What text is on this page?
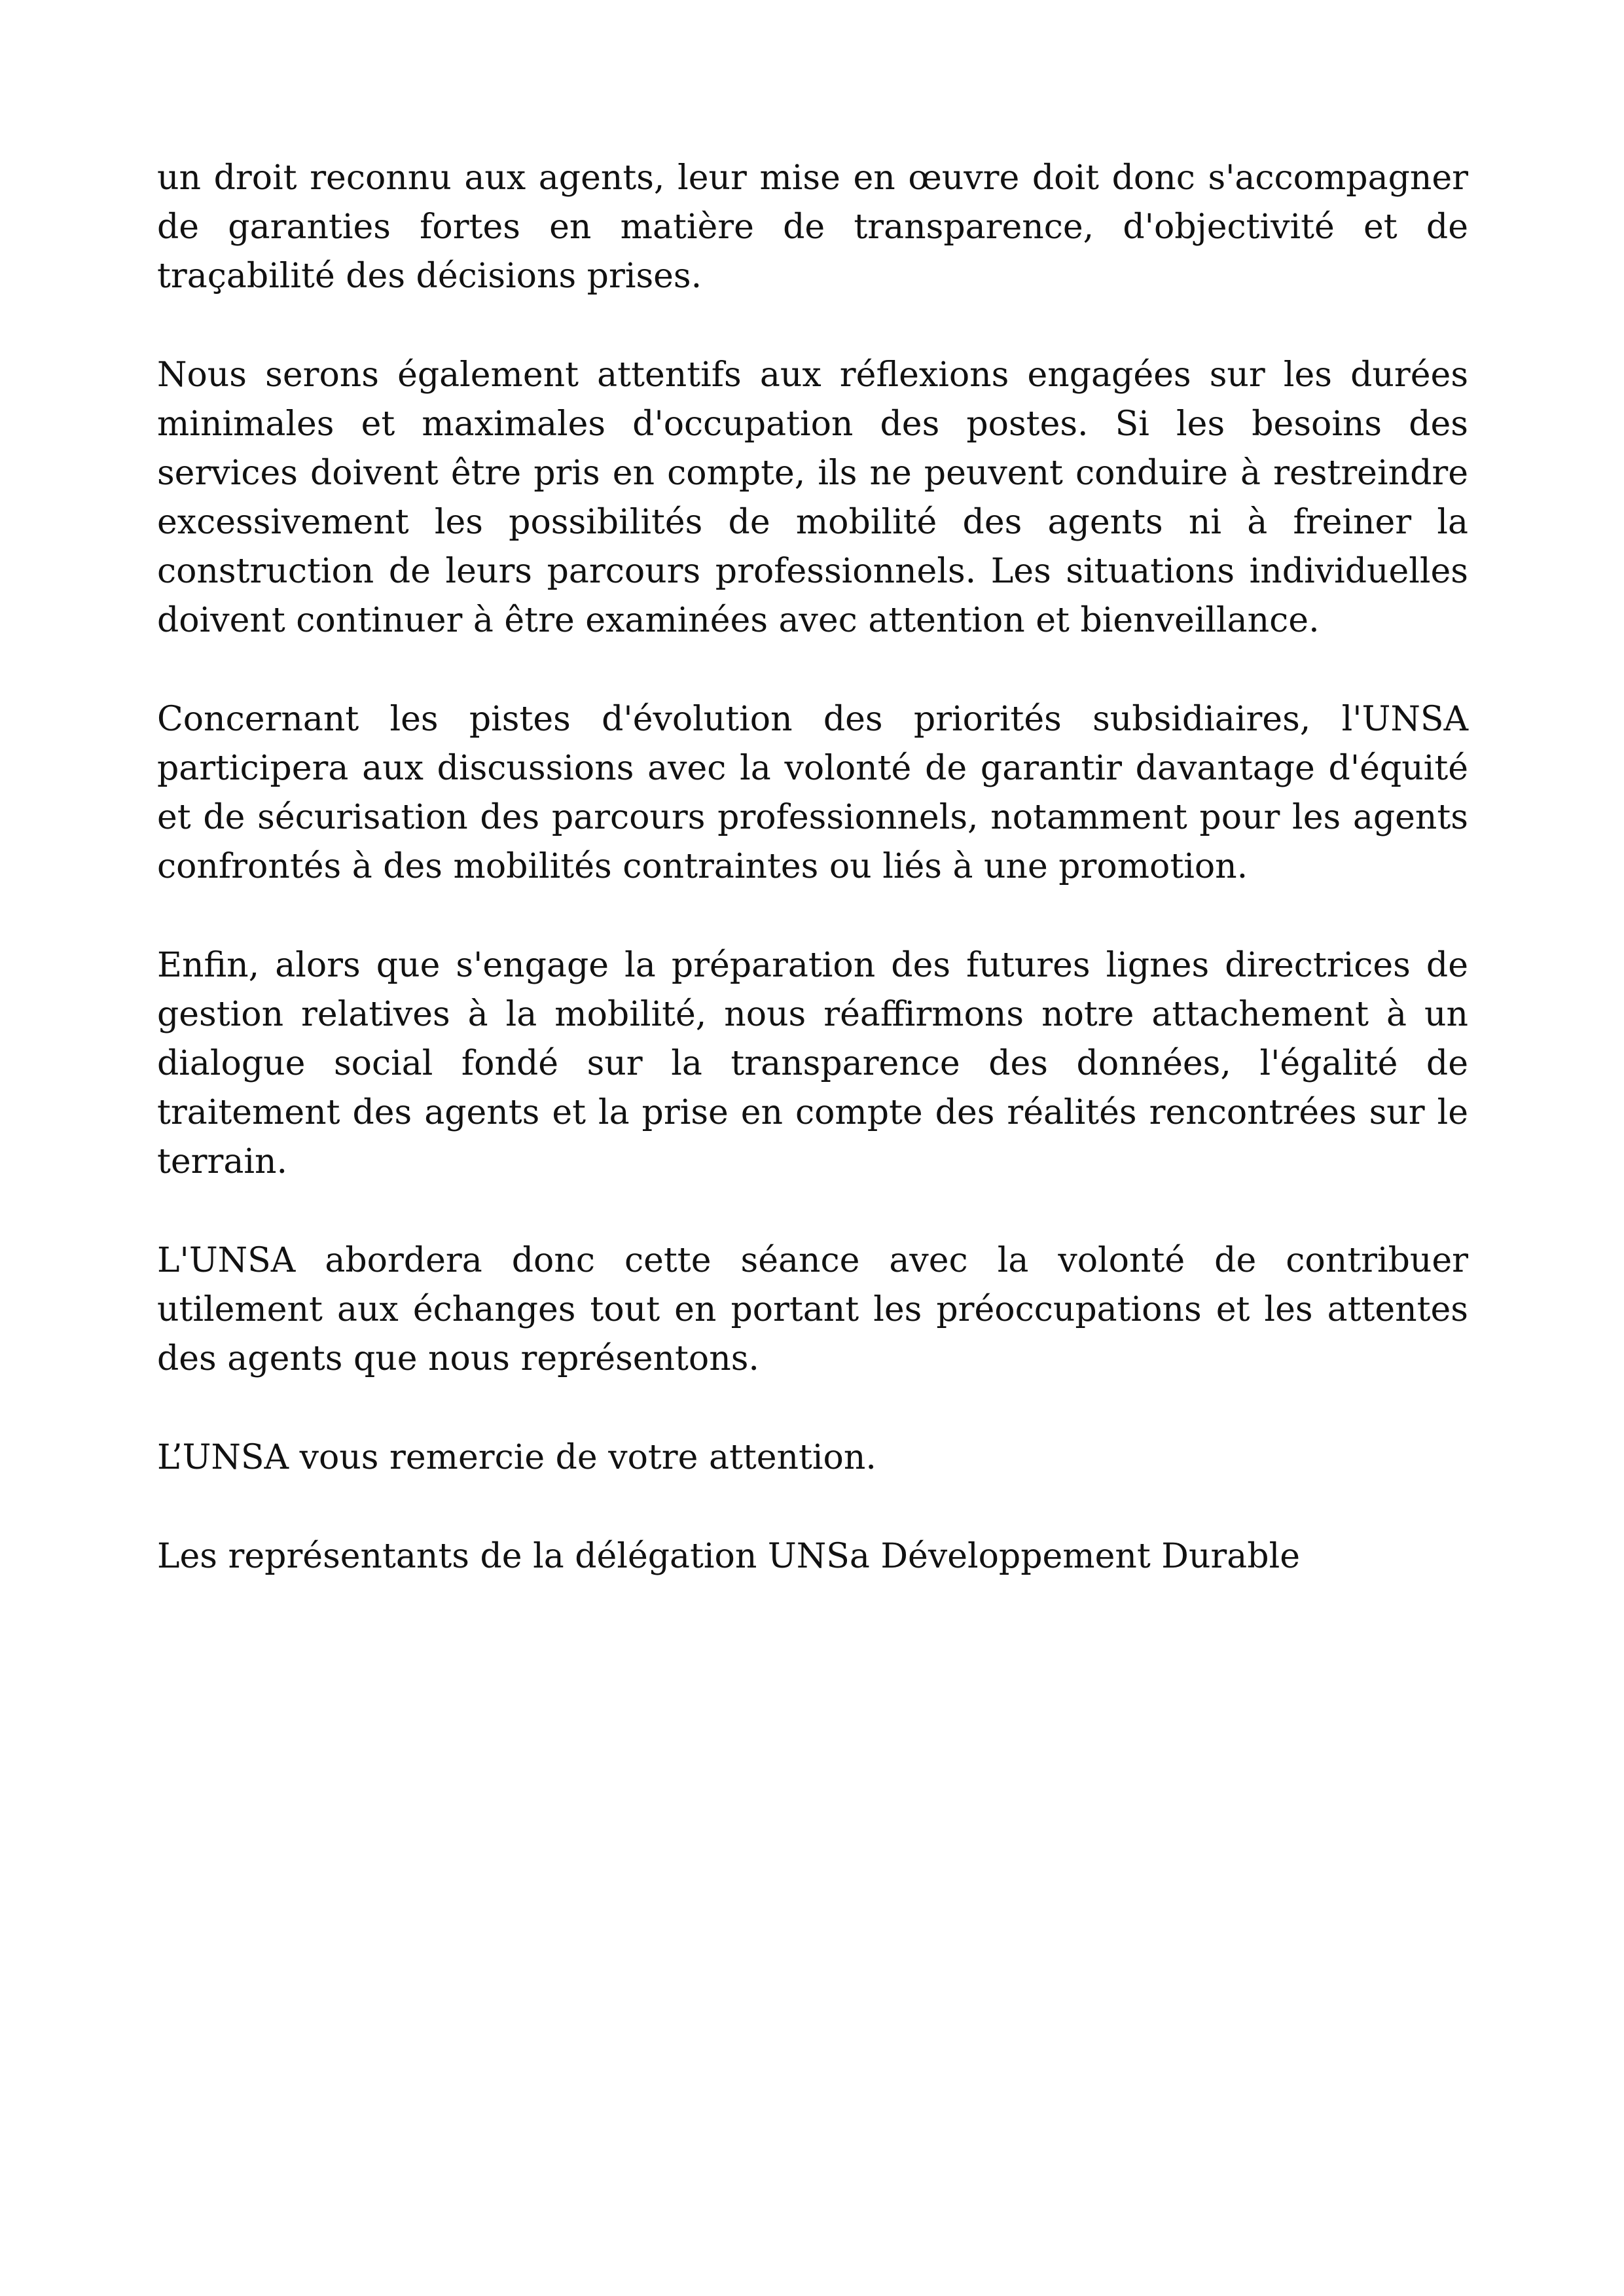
un droit reconnu aux agents, leur mise en œuvre doit donc s'accompagner de garanties fortes en matière de transparence, d'objectivité et de traçabilité des décisions prises.

Nous serons également attentifs aux réflexions engagées sur les durées minimales et maximales d'occupation des postes. Si les besoins des services doivent être pris en compte, ils ne peuvent conduire à restreindre excessivement les possibilités de mobilité des agents ni à freiner la construction de leurs parcours professionnels. Les situations individuelles doivent continuer à être examinées avec attention et bienveillance.

Concernant les pistes d'évolution des priorités subsidiaires, l'UNSA participera aux discussions avec la volonté de garantir davantage d'équité et de sécurisation des parcours professionnels, notamment pour les agents confrontés à des mobilités contraintes ou liés à une promotion.

Enfin, alors que s'engage la préparation des futures lignes directrices de gestion relatives à la mobilité, nous réaffirmons notre attachement à un dialogue social fondé sur la transparence des données, l'égalité de traitement des agents et la prise en compte des réalités rencontrées sur le terrain.

L'UNSA abordera donc cette séance avec la volonté de contribuer utilement aux échanges tout en portant les préoccupations et les attentes des agents que nous représentons.

L’UNSA vous remercie de votre attention.

Les représentants de la délégation UNSa Développement Durable
